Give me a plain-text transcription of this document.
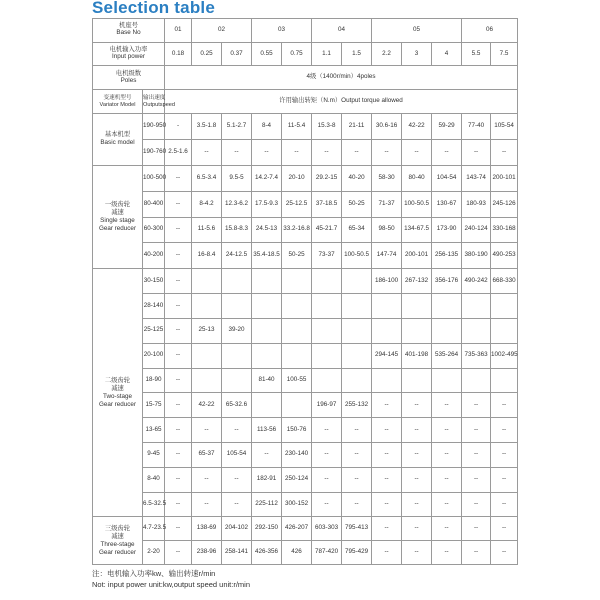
Selection table
机座号
Base No		01	02		03		04		05			06	

电机输入功率
Input power		0.18	0.25	0.37	0.55	0.75	1.1	1.5	2.2	3	4	5.5	7.5

电机级数
Poles		4级（1400r/min）4poles											

变速机型号
Variator Model	输出速度
Outputspeed	许用输出转矩（N.m）Output torque allowed											

基本机型
Basic model	190-950	-	3.5-1.8	5.1-2.7	8-4	11-5.4	15.3-8	21-11	30.6-16	42-22	59-29	77-40	105-54
	190-760	2.5-1.6	--	--	--	--	--	--	--	--	--	--	--

一级齿轮
减速
Single stage
Gear reducer	100-500	--	6.5-3.4	9.5-5	14.2-7.4	20-10	29.2-15	40-20	58-30	80-40	104-54	143-74	200-101
	80-400	--	8-4.2	12.3-6.2	17.5-9.3	25-12.5	37-18.5	50-25	71-37	100-50.5	130-67	180-93	245-126
	60-300	--	11-5.6	15.8-8.3	24.5-13	33.2-16.8	45-21.7	65-34	98-50	134-67.5	173-90	240-124	330-168
	40-200	--	16-8.4	24-12.5	35.4-18.5	50-25	73-37	100-50.5	147-74	200-101	256-135	380-190	490-253

二级齿轮
减速
Two-stage
Gear reducer	30-150	--							186-100	267-132	356-176	490-242	668-330
	28-140	--											
	25-125	--	25-13	39-20									
	20-100	--							294-145	401-198	535-264	735-363	1002-495
	18-90	--			81-40	100-55							
	15-75	--	42-22	65-32.6			196-97	255-132	--	--	--	--	--
	13-65	--	--	--	113-56	150-76	--	--	--	--	--	--	--
	9-45	--	65-37	105-54	--	230-140	--	--	--	--	--	--	--
	8-40	--	--	--	182-91	250-124	--	--	--	--	--	--	--
	6.5-32.5	--	--	--	225-112	300-152	--	--	--	--	--	--	--

三级齿轮
减速
Three-stage
Gear reducer	4.7-23.5	--	138-69	204-102	292-150	426-207	603-303	795-413	--	--	--	--	--
	2-20	--	238-96	258-141	426-356	426	787-420	795-429	--	--	--	--	--
注：电机输入功率kw、输出转速r/min
Not: input power unit:kw,output speed unit:r/min
